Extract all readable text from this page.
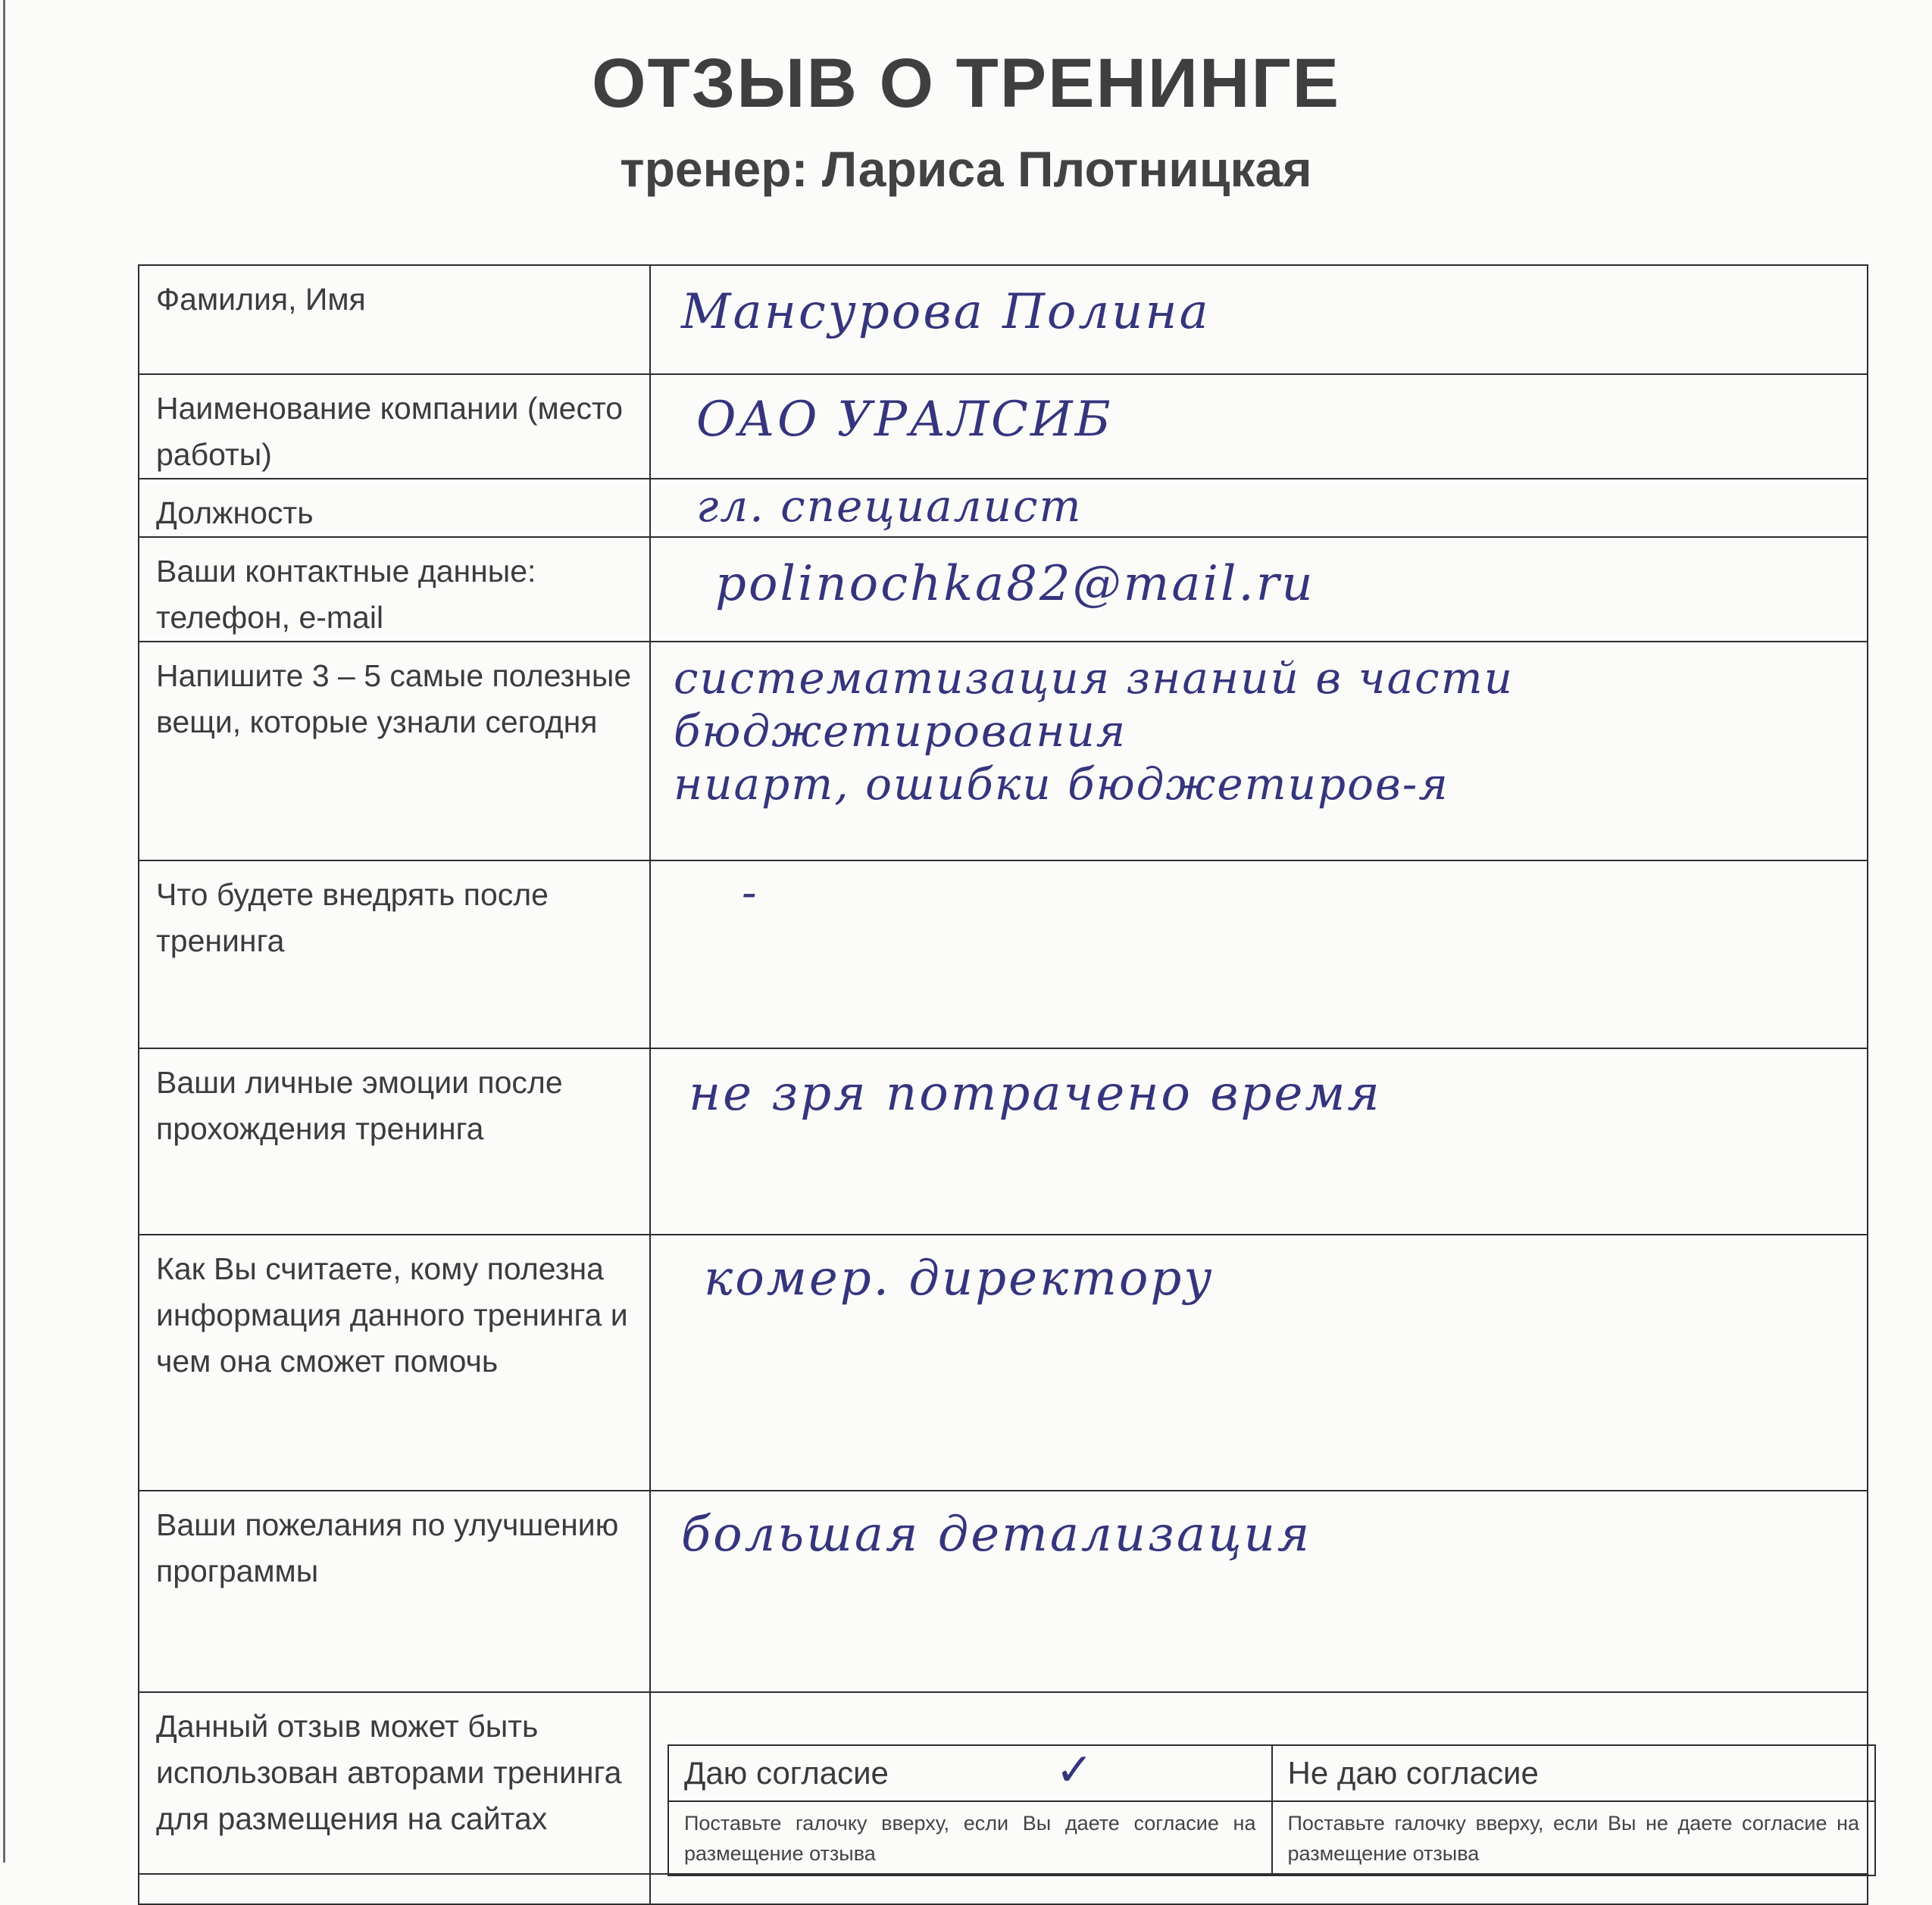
ОТЗЫВ О ТРЕНИНГЕ
тренер: Лариса Плотницкая
Фамилия, Имя	Мансурова Полина

Наименование компании (место работы)	
ОАО УРАЛСИБ

Должность	гл. специалист

Ваши контактные данные: телефон, e-mail	
polinochka82@mail.ru

Напишите 3 – 5 самые полезные вещи, которые узнали сегодня	
систематизация знаний в части
бюджетирования
ниарт, ошибки бюджетиров-я

Что будете внедрять после тренинга	
-

Ваши личные эмоции после прохождения тренинга	
не зря потрачено время

Как Вы считаете, кому полезна информация данного тренинга и чем она сможет помочь	
комер. директору

Ваши пожелания по улучшению программы	
большая детализация

Данный отзыв может быть использован авторами тренинга для размещения на сайтах	
Даю согласие	✓	Не даю согласие
Поставьте галочку вверху, если Вы даете согласие на размещение отзыва	Поставьте галочку вверху, если Вы не даете согласие на размещение отзыва
